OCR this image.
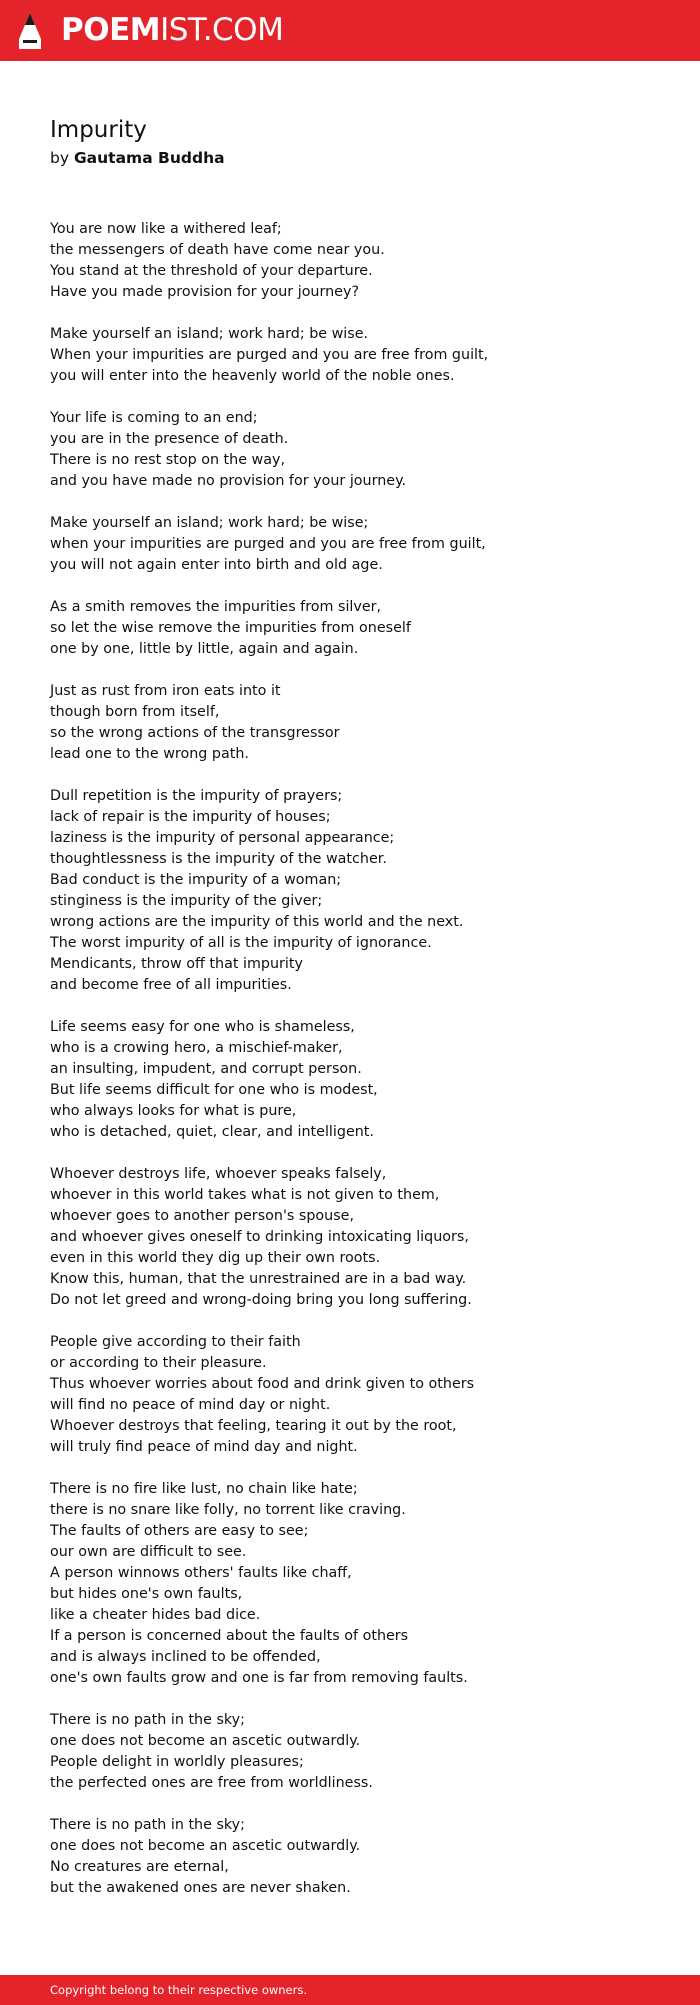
POEMIST.COM
Impurity
by Gautama Buddha
You are now like a withered leaf;
the messengers of death have come near you.
You stand at the threshold of your departure.
Have you made provision for your journey?
Make yourself an island; work hard; be wise.
When your impurities are purged and you are free from guilt,
you will enter into the heavenly world of the noble ones.
Your life is coming to an end;
you are in the presence of death.
There is no rest stop on the way,
and you have made no provision for your journey.
Make yourself an island; work hard; be wise;
when your impurities are purged and you are free from guilt,
you will not again enter into birth and old age.
As a smith removes the impurities from silver,
so let the wise remove the impurities from oneself
one by one, little by little, again and again.
Just as rust from iron eats into it
though born from itself,
so the wrong actions of the transgressor
lead one to the wrong path.
Dull repetition is the impurity of prayers;
lack of repair is the impurity of houses;
laziness is the impurity of personal appearance;
thoughtlessness is the impurity of the watcher.
Bad conduct is the impurity of a woman;
stinginess is the impurity of the giver;
wrong actions are the impurity of this world and the next.
The worst impurity of all is the impurity of ignorance.
Mendicants, throw off that impurity
and become free of all impurities.
Life seems easy for one who is shameless,
who is a crowing hero, a mischief-maker,
an insulting, impudent, and corrupt person.
But life seems difficult for one who is modest,
who always looks for what is pure,
who is detached, quiet, clear, and intelligent.
Whoever destroys life, whoever speaks falsely,
whoever in this world takes what is not given to them,
whoever goes to another person's spouse,
and whoever gives oneself to drinking intoxicating liquors,
even in this world they dig up their own roots.
Know this, human, that the unrestrained are in a bad way.
Do not let greed and wrong-doing bring you long suffering.
People give according to their faith
or according to their pleasure.
Thus whoever worries about food and drink given to others
will find no peace of mind day or night.
Whoever destroys that feeling, tearing it out by the root,
will truly find peace of mind day and night.
There is no fire like lust, no chain like hate;
there is no snare like folly, no torrent like craving.
The faults of others are easy to see;
our own are difficult to see.
A person winnows others' faults like chaff,
but hides one's own faults,
like a cheater hides bad dice.
If a person is concerned about the faults of others
and is always inclined to be offended,
one's own faults grow and one is far from removing faults.
There is no path in the sky;
one does not become an ascetic outwardly.
People delight in worldly pleasures;
the perfected ones are free from worldliness.
There is no path in the sky;
one does not become an ascetic outwardly.
No creatures are eternal,
but the awakened ones are never shaken.
Copyright belong to their respective owners.
